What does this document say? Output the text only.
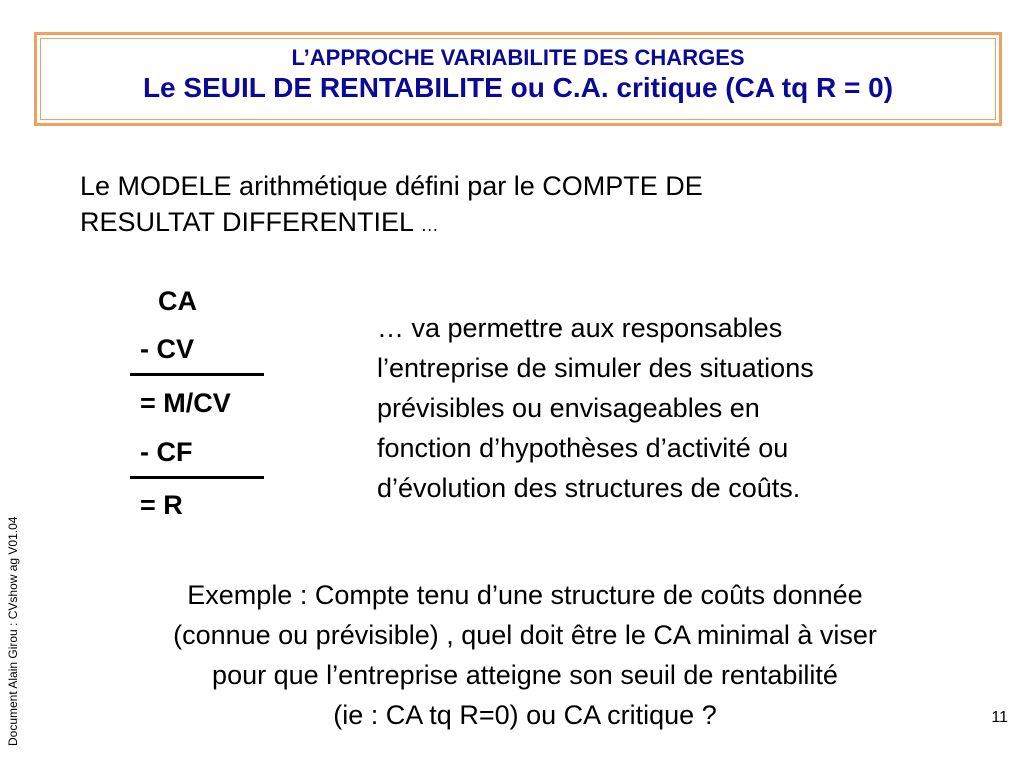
L’APPROCHE VARIABILITE DES CHARGES
Le SEUIL DE RENTABILITE ou C.A. critique (CA tq R = 0)
Le MODELE arithmétique défini par le COMPTE DE
RESULTAT DIFFERENTIEL …
CA
- CV
= M/CV
- CF
= R
… va permettre aux responsables
l’entreprise de simuler des situations
prévisibles ou envisageables en
fonction d’hypothèses d’activité ou
d’évolution des structures de coûts.
Exemple : Compte tenu d’une structure de coûts donnée
(connue ou prévisible) , quel doit être le CA minimal à viser
pour que l’entreprise atteigne son seuil de rentabilité
(ie : CA tq R=0) ou CA critique ?
Document Alain Girou : CVshow ag V01.04	11
